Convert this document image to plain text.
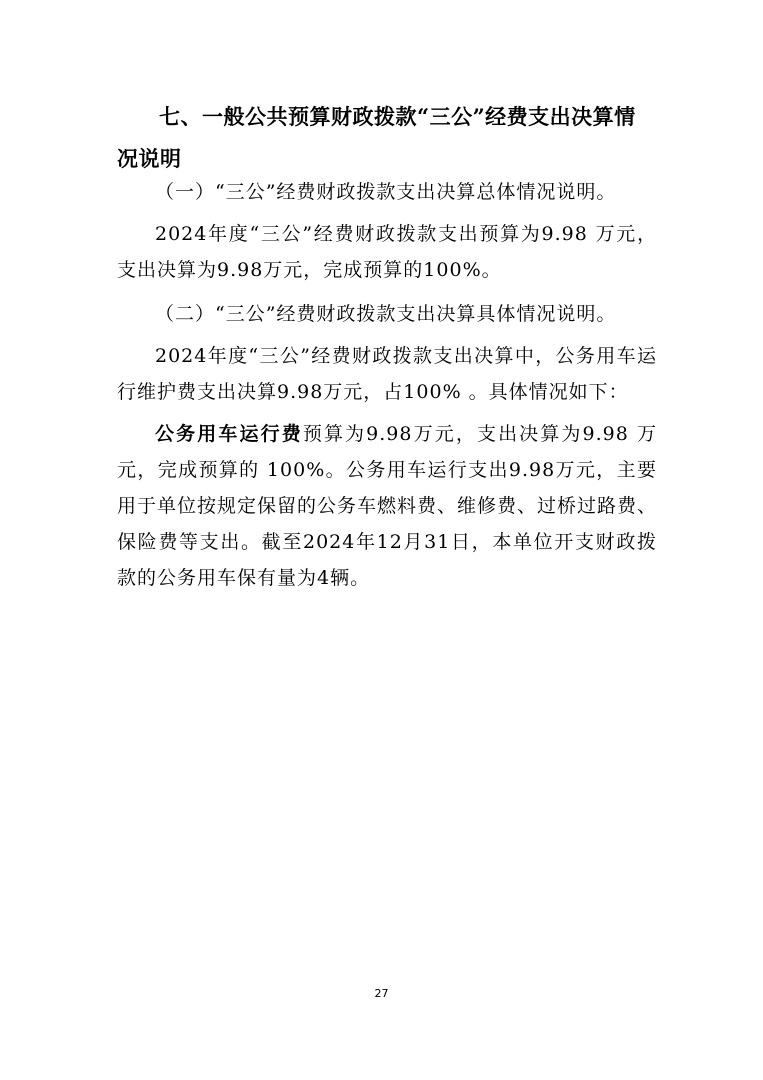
七、一般公共预算财政拨款“三公”经费支出决算情况说明

（一）“三公”经费财政拨款支出决算总体情况说明。

2024年度“三公”经费财政拨款支出预算为9.98 万元，支出决算为9.98万元，完成预算的100%。

（二）“三公”经费财政拨款支出决算具体情况说明。

2024年度“三公”经费财政拨款支出决算中，公务用车运行维护费支出决算9.98万元，占100% 。具体情况如下：

公务用车运行费预算为9.98万元，支出决算为9.98 万元，完成预算的 100%。公务用车运行支出9.98万元，主要用于单位按规定保留的公务车燃料费、维修费、过桥过路费、保险费等支出。截至2024年12月31日，本单位开支财政拨款的公务用车保有量为4辆。

27
